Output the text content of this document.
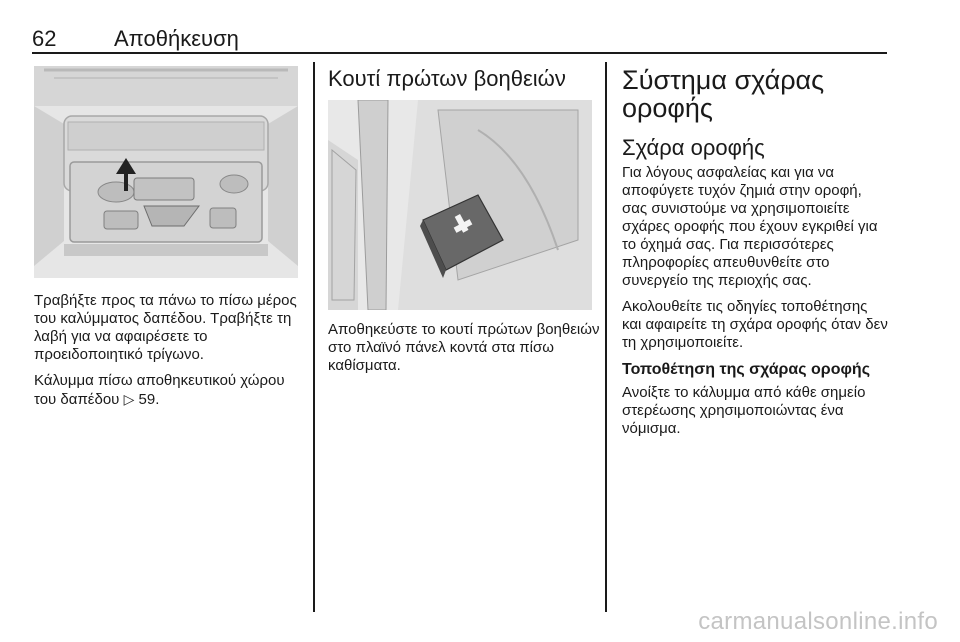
62	Αποθήκευση

Τραβήξτε προς τα πάνω το πίσω μέρος του καλύμματος δαπέδου. Τραβήξτε τη λαβή για να αφαιρέσετε το προειδοποιητικό τρίγωνο.

Κάλυμμα πίσω αποθηκευτικού χώρου του δαπέδου ▷ 59.

Κουτί πρώτων βοηθειών

Αποθηκεύστε το κουτί πρώτων βοηθειών στο πλαϊνό πάνελ κοντά στα πίσω καθίσματα.

Σύστημα σχάρας οροφής
Σχάρα οροφής

Για λόγους ασφαλείας και για να αποφύγετε τυχόν ζημιά στην οροφή, σας συνιστούμε να χρησιμοποιείτε σχάρες οροφής που έχουν εγκριθεί για το όχημά σας. Για περισσότερες πληροφορίες απευθυνθείτε στο συνεργείο της περιοχής σας.

Ακολουθείτε τις οδηγίες τοποθέτησης και αφαιρείτε τη σχάρα οροφής όταν δεν τη χρησιμοποιείτε.

Τοποθέτηση της σχάρας οροφής

Ανοίξτε το κάλυμμα από κάθε σημείο στερέωσης χρησιμοποιώντας ένα νόμισμα.

carmanualsonline.info
